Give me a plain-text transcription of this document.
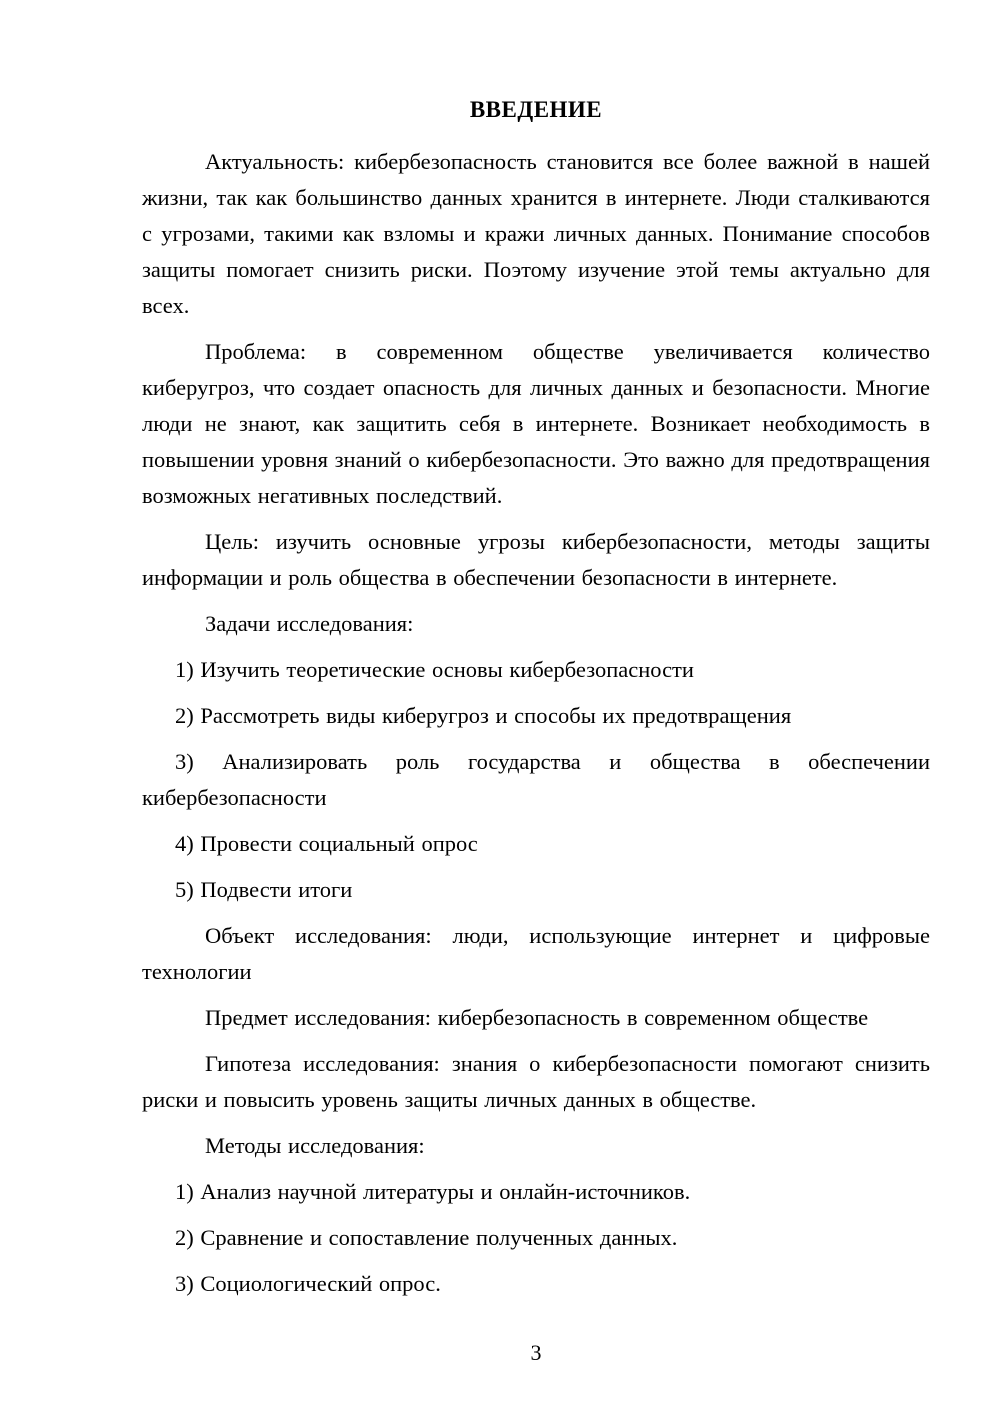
ВВЕДЕНИЕ

Актуальность: кибербезопасность становится все более важной в нашей жизни, так как большинство данных хранится в интернете. Люди сталкиваются с угрозами, такими как взломы и кражи личных данных. Понимание способов защиты помогает снизить риски. Поэтому изучение этой темы актуально для всех.

Проблема: в современном обществе увеличивается количество киберугроз, что создает опасность для личных данных и безопасности. Многие люди не знают, как защитить себя в интернете. Возникает необходимость в повышении уровня знаний о кибербезопасности. Это важно для предотвращения возможных негативных последствий.

Цель: изучить основные угрозы кибербезопасности, методы защиты информации и роль общества в обеспечении безопасности в интернете.

Задачи исследования:

1) Изучить теоретические основы кибербезопасности

2) Рассмотреть виды киберугроз и способы их предотвращения

3) Анализировать роль государства и общества в обеспечении кибербезопасности

4) Провести социальный опрос

5) Подвести итоги

Объект исследования: люди, использующие интернет и цифровые технологии

Предмет исследования: кибербезопасность в современном обществе

Гипотеза исследования: знания о кибербезопасности помогают снизить риски и повысить уровень защиты личных данных в обществе.

Методы исследования:

1) Анализ научной литературы и онлайн-источников.

2) Сравнение и сопоставление полученных данных.

3) Социологический опрос.

3
